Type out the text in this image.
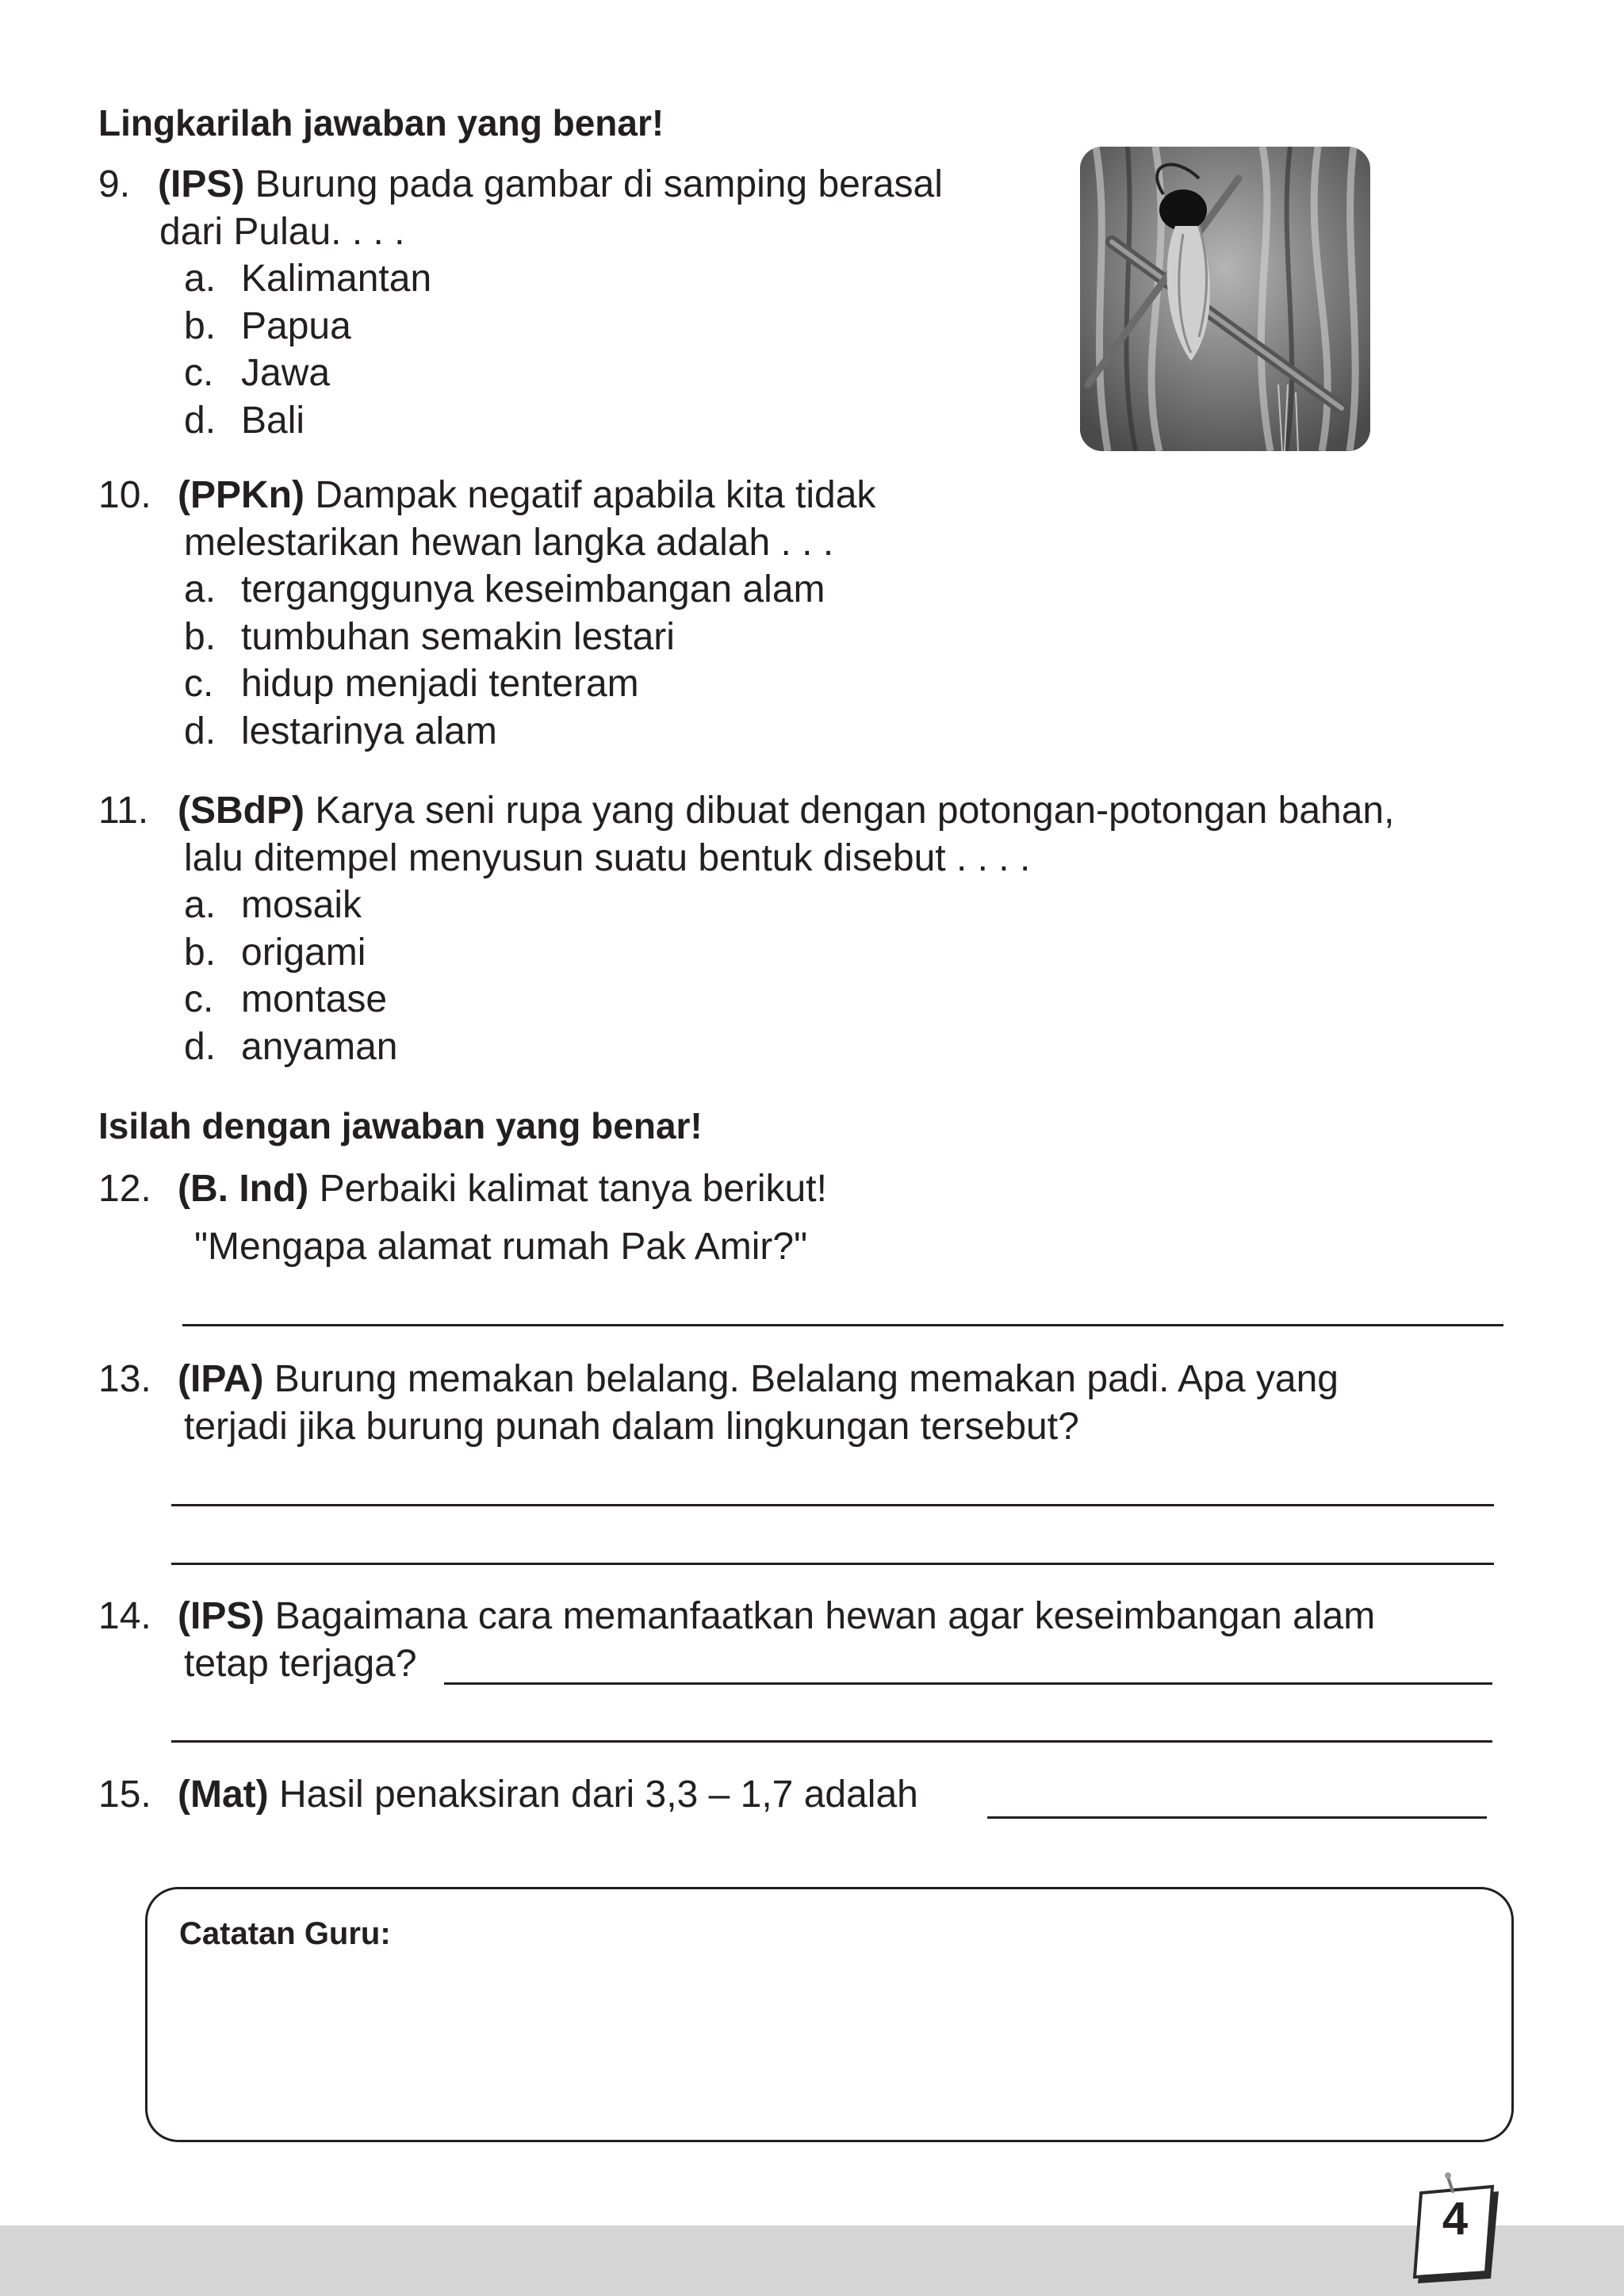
Lingkarilah jawaban yang benar!
9. (IPS) Burung pada gambar di samping berasal
dari Pulau. . . .
a. Kalimantan
b. Papua
c. Jawa
d. Bali
10. (PPKn) Dampak negatif apabila kita tidak
melestarikan hewan langka adalah . . .
a. terganggunya keseimbangan alam
b. tumbuhan semakin lestari
c. hidup menjadi tenteram
d. lestarinya alam
11. (SBdP) Karya seni rupa yang dibuat dengan potongan-potongan bahan,
lalu ditempel menyusun suatu bentuk disebut . . . .
a. mosaik
b. origami
c. montase
d. anyaman
Isilah dengan jawaban yang benar!
12. (B. Ind) Perbaiki kalimat tanya berikut!
"Mengapa alamat rumah Pak Amir?"
13. (IPA) Burung memakan belalang. Belalang memakan padi. Apa yang
terjadi jika burung punah dalam lingkungan tersebut?
14. (IPS) Bagaimana cara memanfaatkan hewan agar keseimbangan alam
tetap terjaga?
15. (Mat) Hasil penaksiran dari 3,3 – 1,7 adalah
Catatan Guru:
4
